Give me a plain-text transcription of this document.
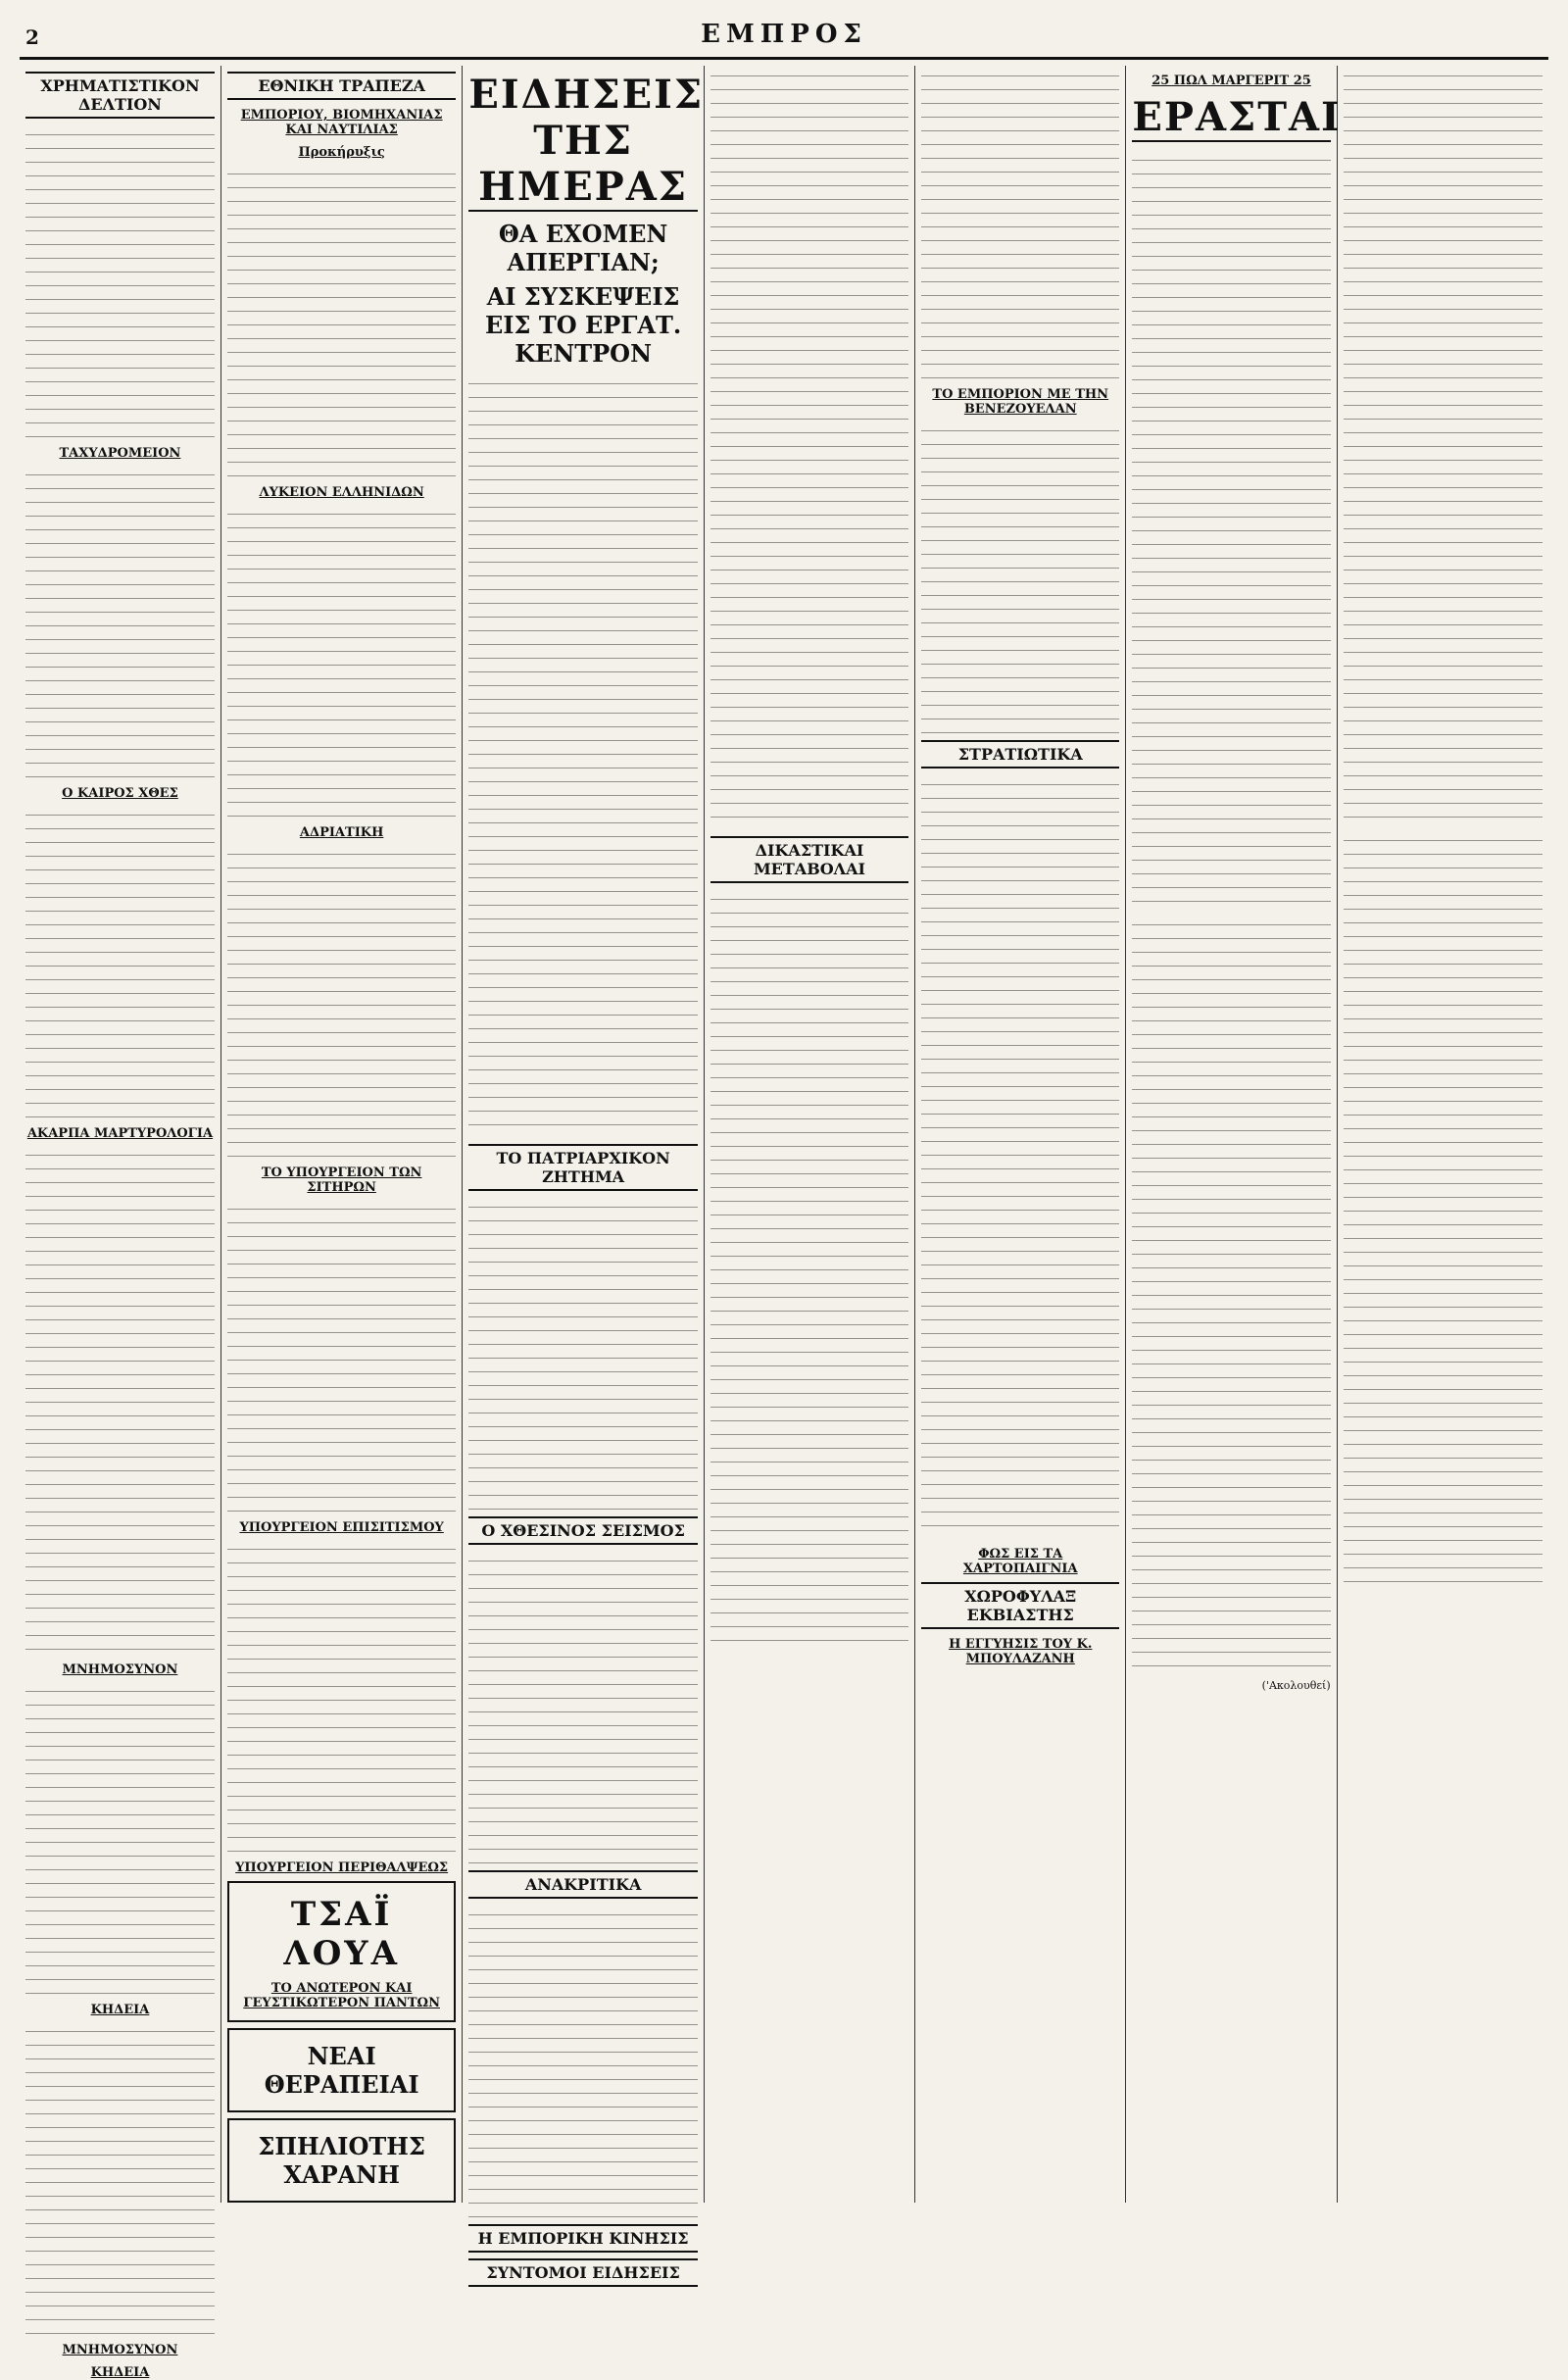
2	ΕΜΠΡΟΣ
ΧΡΗΜΑΤΙΣΤΙΚΟΝ ΔΕΛΤΙΟΝ
ΤΑΧΥΔΡΟΜΕΙΟΝ
Ο ΚΑΙΡΟΣ ΧΘΕΣ
ΑΚΑΡΠΑ ΜΑΡΤΥΡΟΛΟΓΙΑ
ΜΝΗΜΟΣΥΝΟΝ
ΚΗΔΕΙΑ
ΜΝΗΜΟΣΥΝΟΝ
ΚΗΔΕΙΑ
ΕΘΝΙΚΗ ΤΡΑΠΕΖΑ
ΕΜΠΟΡΙΟΥ, ΒΙΟΜΗΧΑΝΙΑΣ ΚΑΙ ΝΑΥΤΙΛΙΑΣ
Προκήρυξις
ΛΥΚΕΙΟΝ ΕΛΛΗΝΙΔΩΝ
ΑΔΡΙΑΤΙΚΗ
ΤΟ ΥΠΟΥΡΓΕΙΟΝ ΤΩΝ ΣΙΤΗΡΩΝ
ΥΠΟΥΡΓΕΙΟΝ ΕΠΙΣΙΤΙΣΜΟΥ
ΥΠΟΥΡΓΕΙΟΝ ΠΕΡΙΘΑΛΨΕΩΣ
ΤΣΑΪ ΛΟΥΑ
ΤΟ ΑΝΩΤΕΡΟΝ ΚΑΙ ΓΕΥΣΤΙΚΩΤΕΡΟΝ ΠΑΝΤΩΝ
ΝΕΑΙ ΘΕΡΑΠΕΙΑΙ
ΣΠΗΛΙΟΤΗΣ ΧΑΡΑΝΗ
ΕΙΔΗΣΕΙΣ ΤΗΣ ΗΜΕΡΑΣ
ΘΑ ΕΧΟΜΕΝ ΑΠΕΡΓΙΑΝ;
ΑΙ ΣΥΣΚΕΨΕΙΣ ΕΙΣ ΤΟ ΕΡΓΑΤ. ΚΕΝΤΡΟΝ
ΤΟ ΠΑΤΡΙΑΡΧΙΚΟΝ ΖΗΤΗΜΑ
Ο ΧΘΕΣΙΝΟΣ ΣΕΙΣΜΟΣ
ΑΝΑΚΡΙΤΙΚΑ
Η ΕΜΠΟΡΙΚΗ ΚΙΝΗΣΙΣ
ΣΥΝΤΟΜΟΙ ΕΙΔΗΣΕΙΣ
ΔΙΚΑΣΤΙΚΑΙ ΜΕΤΑΒΟΛΑΙ
ΤΟ ΕΜΠΟΡΙΟΝ ΜΕ ΤΗΝ ΒΕΝΕΖΟΥΕΛΑΝ
ΣΤΡΑΤΙΩΤΙΚΑ
ΦΩΣ ΕΙΣ ΤΑ ΧΑΡΤΟΠΑΙΓΝΙΑ
ΧΩΡΟΦΥΛΑΞ ΕΚΒΙΑΣΤΗΣ
Η ΕΓΓΥΗΣΙΣ ΤΟΥ Κ. ΜΠΟΥΛΑΖΑΝΗ
25 ΠΩΛ ΜΑΡΓΕΡΙΤ 25
ΕΡΑΣΤΑΙ

('Ακολουθεί)
